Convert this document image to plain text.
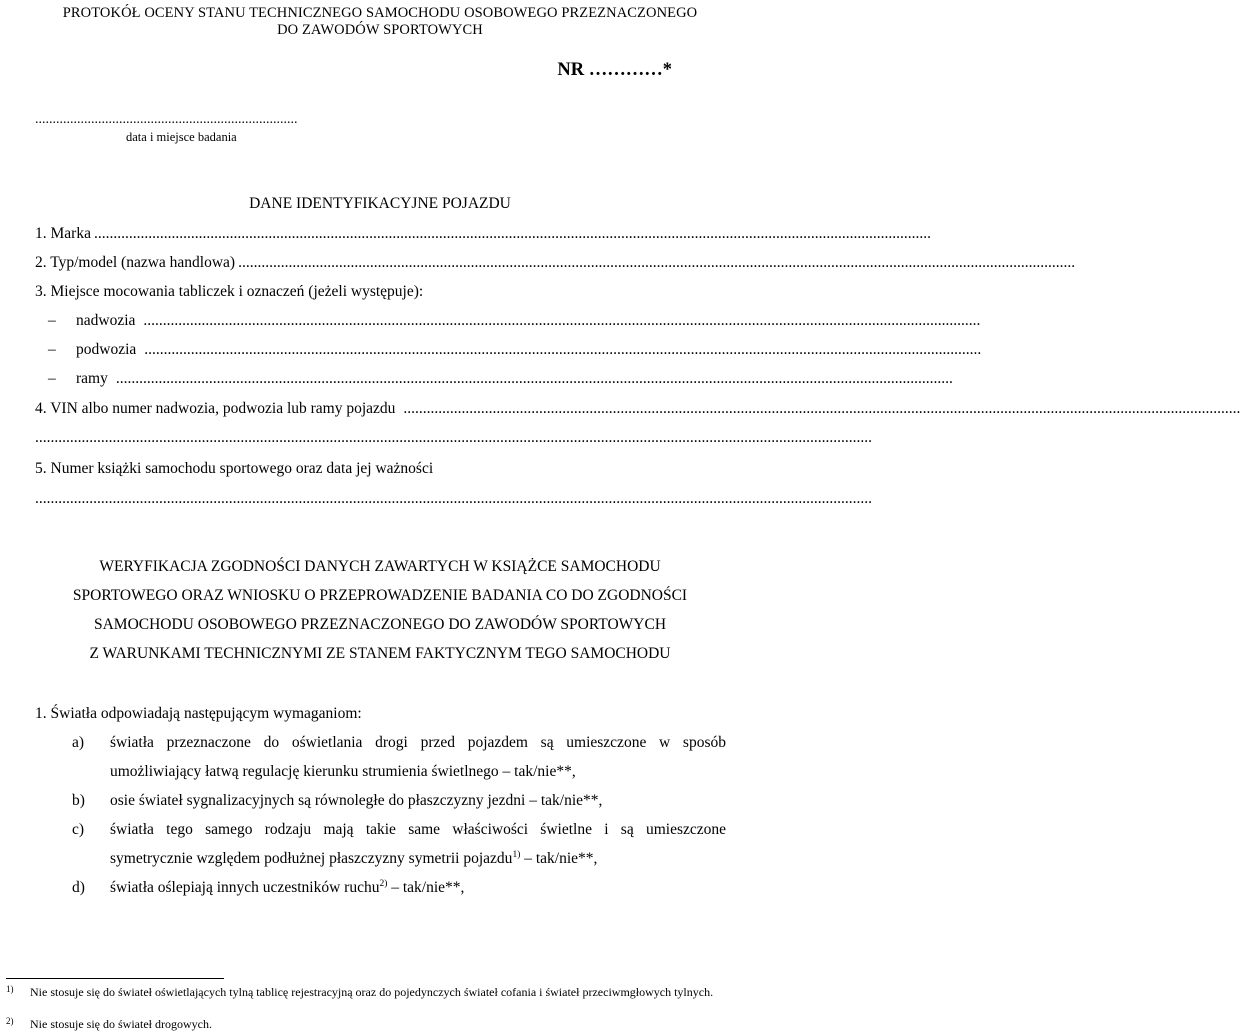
PROTOKÓŁ OCENY STANU TECHNICZNEGO SAMOCHODU OSOBOWEGO PRZEZNACZONEGO
DO ZAWODÓW SPORTOWYCH
NR …………*
...........................................................................
data i miejsce badania
DANE IDENTYFIKACYJNE POJAZDU
1. Marka ........................................................................................................................................................................................................................
2. Typ/model (nazwa handlowa) ........................................................................................................................................................................................................................
3. Miejsce mocowania tabliczek i oznaczeń (jeżeli występuje):
–	nadwozia ........................................................................................................................................................................................................................
–	podwozia ........................................................................................................................................................................................................................
–	ramy ........................................................................................................................................................................................................................
4. VIN albo numer nadwozia, podwozia lub ramy pojazdu ........................................................................................................................................................................................................................
........................................................................................................................................................................................................................
5. Numer książki samochodu sportowego oraz data jej ważności
........................................................................................................................................................................................................................
WERYFIKACJA ZGODNOŚCI DANYCH ZAWARTYCH W KSIĄŻCE SAMOCHODU
SPORTOWEGO ORAZ WNIOSKU O PRZEPROWADZENIE BADANIA CO DO ZGODNOŚCI
SAMOCHODU OSOBOWEGO PRZEZNACZONEGO DO ZAWODÓW SPORTOWYCH
Z WARUNKAMI TECHNICZNYMI ZE STANEM FAKTYCZNYM TEGO SAMOCHODU
1. Światła odpowiadają następującym wymaganiom:
a) światła przeznaczone do oświetlania drogi przed pojazdem są umieszczone w sposób
umożliwiający łatwą regulację kierunku strumienia świetlnego – tak/nie**,
b) osie świateł sygnalizacyjnych są równoległe do płaszczyzny jezdni – tak/nie**,
c) światła tego samego rodzaju mają takie same właściwości świetlne i są umieszczone
symetrycznie względem podłużnej płaszczyzny symetrii pojazdu$^{1)}$ – tak/nie**,
d) światła oślepiają innych uczestników ruchu$^{2)}$ – tak/nie**,
1) Nie stosuje się do świateł oświetlających tylną tablicę rejestracyjną oraz do pojedynczych świateł cofania i świateł przeciwmgłowych tylnych.
2) Nie stosuje się do świateł drogowych.
